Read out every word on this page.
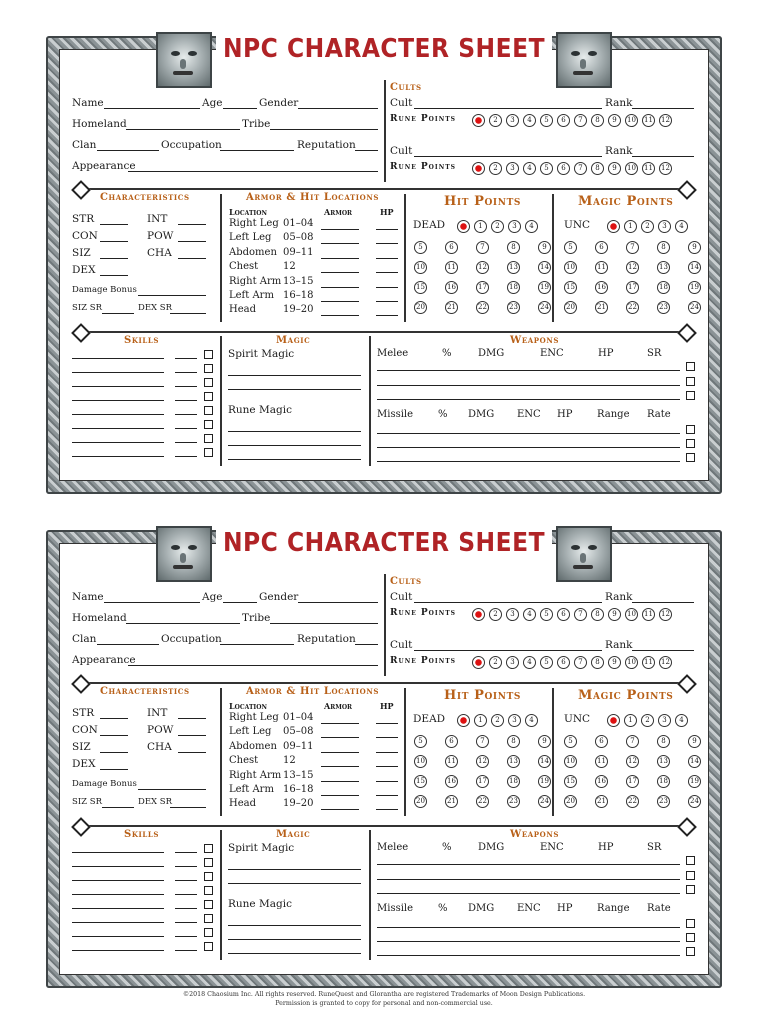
NPC CHARACTER SHEET
Name	Age	Gender
Homeland	Tribe
Clan	Occupation	Reputation
Appearance
Cults
Cult	Rank
Rune Points	2	3	4	5	6	7	8	9	10 11 12
Cult	Rank
Rune Points	2	3	4	5	6	7	8	9	10 11 12
Characteristics
STR
CON
SIZ
DEX
INT
POW
CHA
Damage Bonus
SIZ SR	DEX SR
Armor & Hit Locations
Location	Armor	HP
Right Leg 01–04
Left Leg 05–08
Abdomen 09–11
Chest 12
Right Arm 13–15
Left Arm 16–18
Head	19–20
Hit Points
DEAD	1	2	3	4
5	6	7	8	9
10	11	12	13	14
15	16	17	18	19
20	21	22	23	24
Magic Points
UNC	1	2	3	4
5	6	7	8	9
10	11	12	13	14
15	16	17	18	19
20	21	22	23	24
Skills	Magic
Spirit Magic
Rune Magic
Weapons
Melee	%	DMG	ENC	HP	SR
Missile % DMG ENC HP Range Rate
NPC CHARACTER SHEET
Name	Age	Gender
Homeland	Tribe
Clan	Occupation	Reputation
Appearance
Cults
Cult	Rank
Rune Points	2	3	4	5	6	7	8	9	10 11 12
Cult	Rank
Rune Points	2	3	4	5	6	7	8	9	10 11 12
Characteristics
STR
CON
SIZ
DEX
INT
POW
CHA
Damage Bonus
SIZ SR	DEX SR
Armor & Hit Locations
Location	Armor	HP
Right Leg 01–04
Left Leg 05–08
Abdomen 09–11
Chest 12
Right Arm 13–15
Left Arm 16–18
Head	19–20
Hit Points
DEAD	1	2	3	4
5	6	7	8	9
10	11	12	13	14
15	16	17	18	19
20	21	22	23	24
Magic Points
UNC	1	2	3	4
5	6	7	8	9
10	11	12	13	14
15	16	17	18	19
20	21	22	23	24
Skills	Magic
Spirit Magic
Rune Magic
Weapons
Melee	%	DMG	ENC	HP	SR
Missile % DMG ENC HP Range Rate
©2018 Chaosium Inc. All rights reserved. RuneQuest and Glorantha are registered Trademarks of Moon Design Publications.
Permission is granted to copy for personal and non-commercial use.
